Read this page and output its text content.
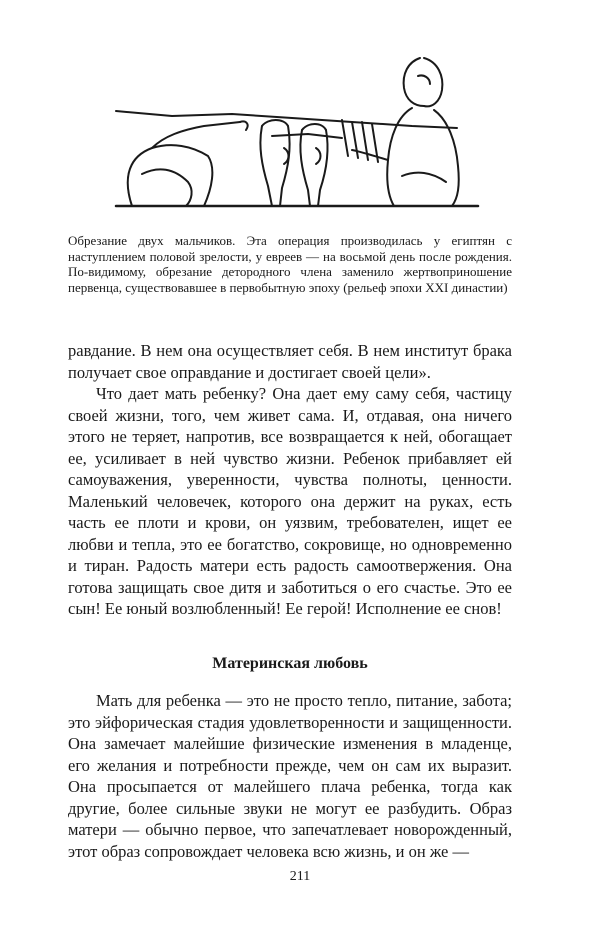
Обрезание двух мальчиков. Эта операция производилась у египтян с наступлением половой зрелости, у евреев — на восьмой день после рождения. По-видимому, обрезание детородного члена заменило жертвоприношение первенца, существовавшее в первобытную эпоху (рельеф эпохи XXI династии)

равдание. В нем она осуществляет себя. В нем институт брака получает свое оправдание и достигает своей цели».

Что дает мать ребенку? Она дает ему саму себя, частицу своей жизни, того, чем живет сама. И, отдавая, она ничего этого не теряет, напротив, все возвращается к ней, обогащает ее, усиливает в ней чувство жизни. Ребенок прибавляет ей самоуважения, уверенности, чувства полноты, ценности. Маленький человечек, которого она держит на руках, есть часть ее плоти и крови, он уязвим, требователен, ищет ее любви и тепла, это ее богатство, сокровище, но одновременно и тиран. Радость матери есть радость самоотвержения. Она готова защищать свое дитя и заботиться о его счастье. Это ее сын! Ее юный возлюбленный! Ее герой! Исполнение ее снов!

Материнская любовь

Мать для ребенка — это не просто тепло, питание, забота; это эйфорическая стадия удовлетворенности и защищенности. Она замечает малейшие физические изменения в младенце, его желания и потребности прежде, чем он сам их выразит. Она просыпается от малейшего плача ребенка, тогда как другие, более сильные звуки не могут ее разбудить. Образ матери — обычно первое, что запечатлевает новорожденный, этот образ сопровождает человека всю жизнь, и он же —

211
